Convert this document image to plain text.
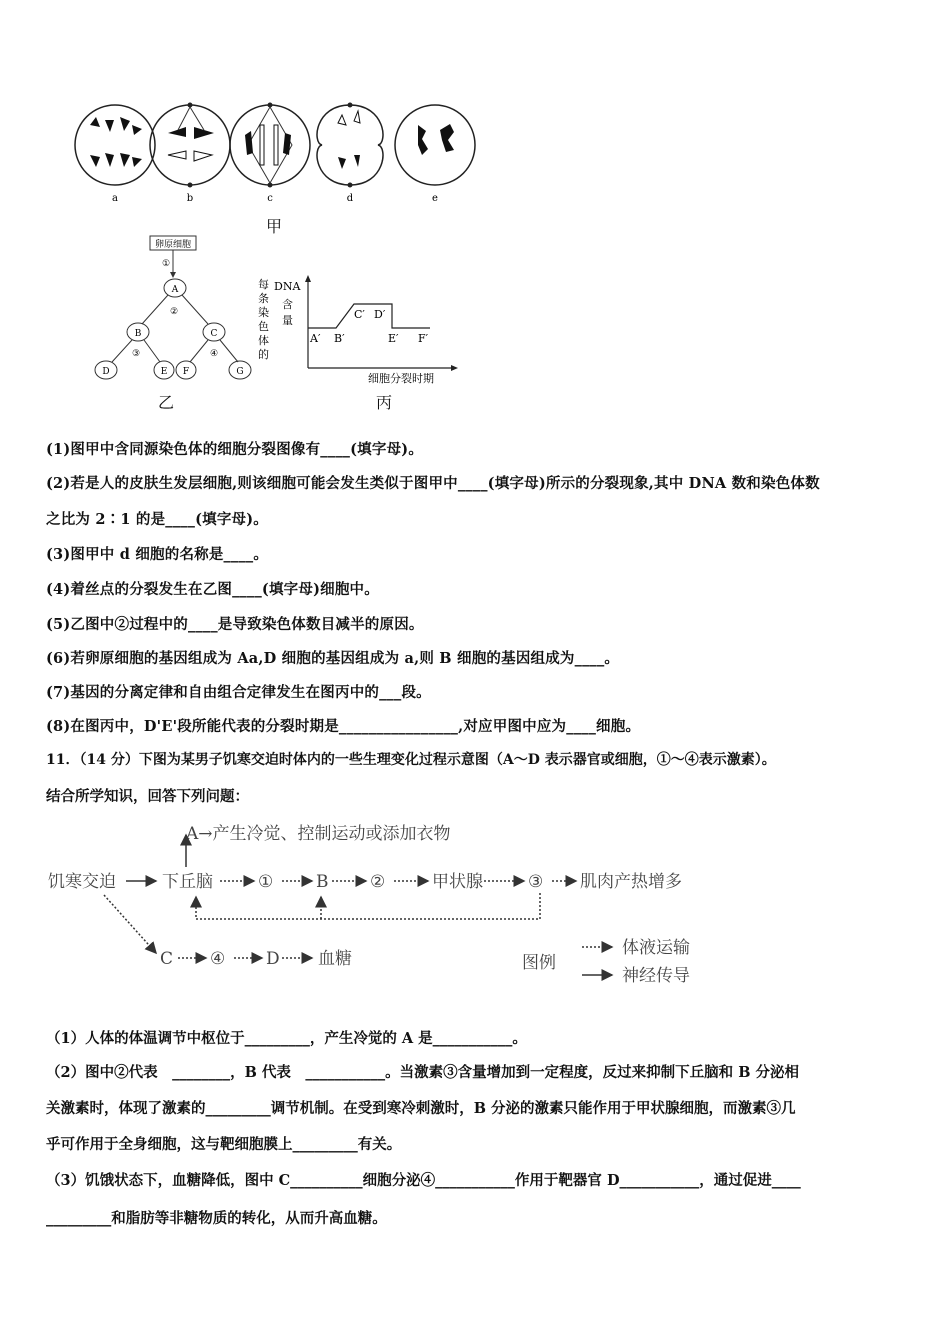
a	b	c	d	e
甲
卵原细胞
①
A
②
B	C
③	④
D	E F	G
乙
每
条
染
色
体
的
DNA
含
量
A′ B′
C′ D′
E′ F′
细胞分裂时期
丙
(1)图甲中含同源染色体的细胞分裂图像有____(填字母)。
(2)若是人的皮肤生发层细胞,则该细胞可能会发生类似于图甲中____(填字母)所示的分裂现象,其中 DNA 数和染色体数
之比为 2∶1 的是____(填字母)。
(3)图甲中 d 细胞的名称是____。
(4)着丝点的分裂发生在乙图____(填字母)细胞中。
(5)乙图中②过程中的____是导致染色体数目减半的原因。
(6)若卵原细胞的基因组成为 Aa,D 细胞的基因组成为 a,则 B 细胞的基因组成为____。
(7)基因的分离定律和自由组合定律发生在图丙中的___段。
(8)在图丙中，D'E'段所能代表的分裂时期是________________,对应甲图中应为____细胞。
11．（14 分）下图为某男子饥寒交迫时体内的一些生理变化过程示意图（A～D 表示器官或细胞，①～④表示激素）。
结合所学知识，回答下列问题：
A→产生冷觉、控制运动或添加衣物
饥寒交迫	下丘脑	①	B ②	甲状腺	③ 肌肉产热增多
C ④ D 血糖	图例
体液运输
神经传导
（1）人体的体温调节中枢位于_________，产生冷觉的 A 是___________。
（2）图中②代表　________，B 代表　___________。当激素③含量增加到一定程度，反过来抑制下丘脑和 B 分泌相
关激素时，体现了激素的_________调节机制。在受到寒冷刺激时，B 分泌的激素只能作用于甲状腺细胞，而激素③几
乎可作用于全身细胞，这与靶细胞膜上_________有关。
（3）饥饿状态下，血糖降低，图中 C__________细胞分泌④___________作用于靶器官 D___________，通过促进____
_________和脂肪等非糖物质的转化，从而升高血糖。
